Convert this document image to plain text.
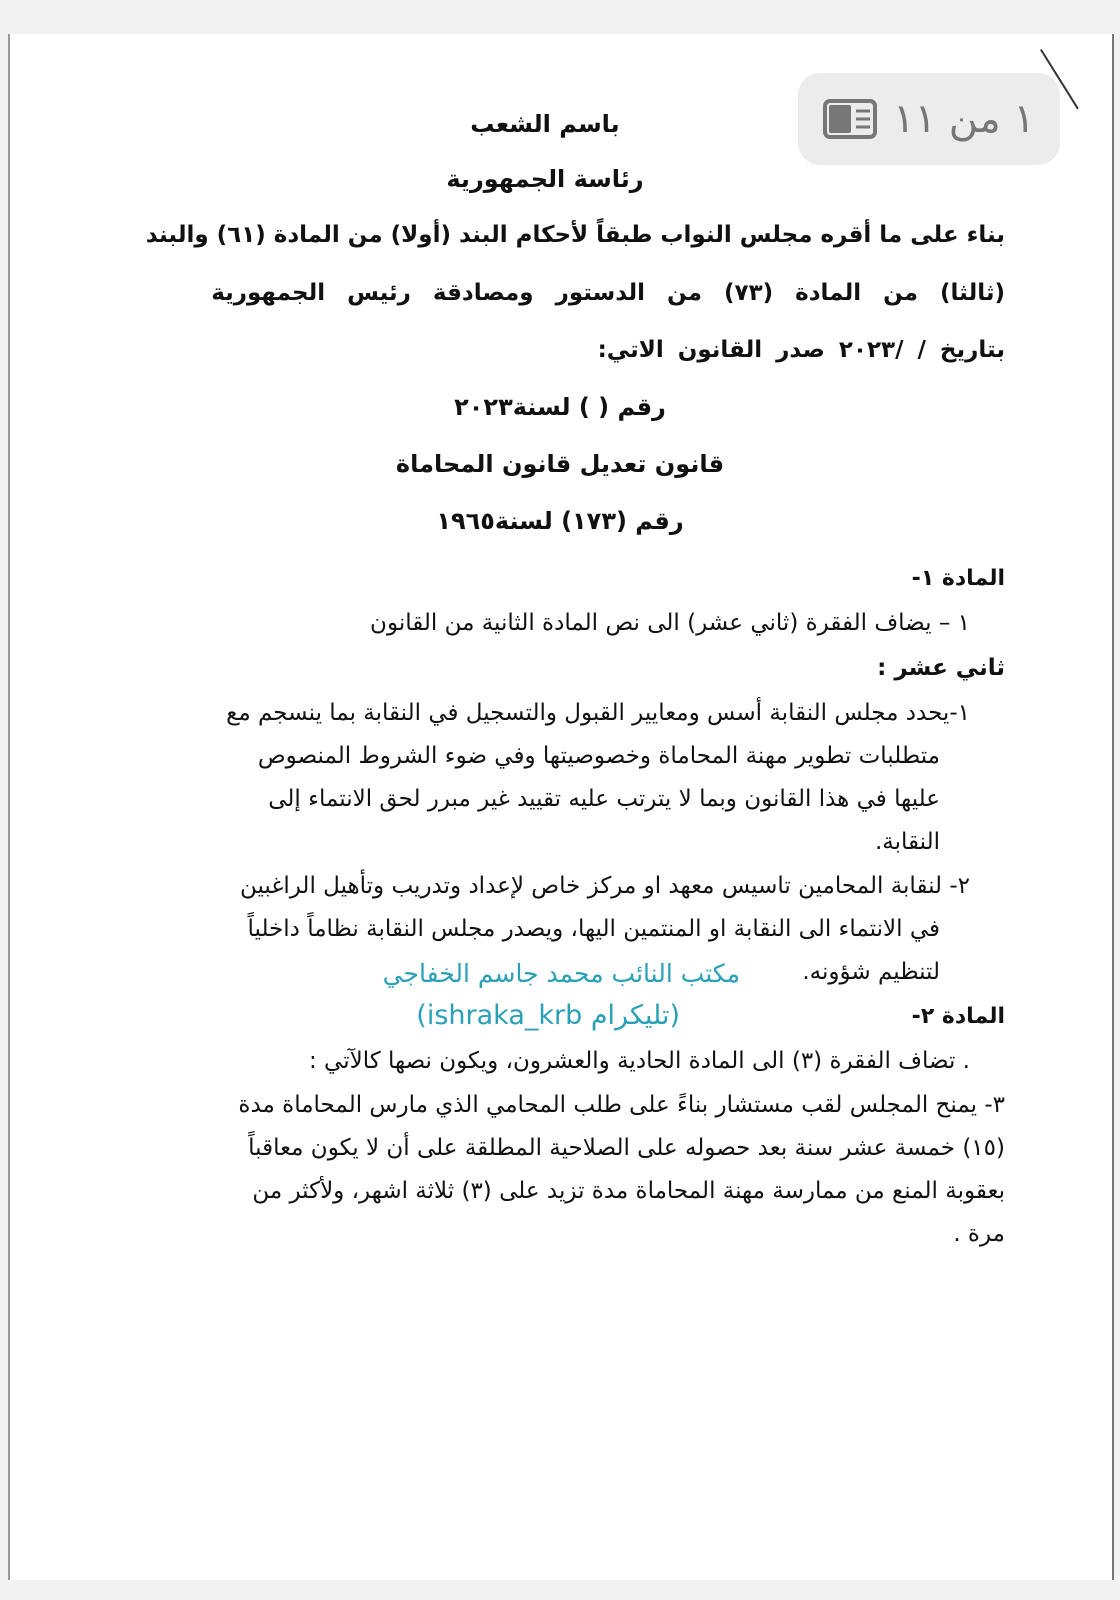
١ من ١١
باسم الشعب
رئاسة الجمهورية
بناء على ما أقره مجلس النواب طبقاً لأحكام البند (أولا) من المادة (٦١) والبند
(ثالثا) من المادة (٧٣) من الدستور ومصادقة رئيس الجمهورية
بتاريخ / /٢٠٢٣ صدر القانون الاتي:
رقم ( ) لسنة٢٠٢٣
قانون تعديل قانون المحاماة
رقم (١٧٣) لسنة١٩٦٥
المادة ١-
١ – يضاف الفقرة (ثاني عشر) الى نص المادة الثانية من القانون
ثاني عشر :
١-يحدد مجلس النقابة أسس ومعايير القبول والتسجيل في النقابة بما ينسجم مع
متطلبات تطوير مهنة المحاماة وخصوصيتها وفي ضوء الشروط المنصوص
عليها في هذا القانون وبما لا يترتب عليه تقييد غير مبرر لحق الانتماء إلى
النقابة.
٢- لنقابة المحامين تاسيس معهد او مركز خاص لإعداد وتدريب وتأهيل الراغبين
في الانتماء الى النقابة او المنتمين اليها، ويصدر مجلس النقابة نظاماً داخلياً
لتنظيم شؤونه.
مكتب النائب محمد جاسم الخفاجي
(تليكرام ishraka_krb)	المادة ٢-
. تضاف الفقرة (٣) الى المادة الحادية والعشرون، ويكون نصها كالآتي :
٣- يمنح المجلس لقب مستشار بناءً على طلب المحامي الذي مارس المحاماة مدة
(١٥) خمسة عشر سنة بعد حصوله على الصلاحية المطلقة على أن لا يكون معاقباً
بعقوبة المنع من ممارسة مهنة المحاماة مدة تزيد على (٣) ثلاثة اشهر، ولأكثر من
مرة .
